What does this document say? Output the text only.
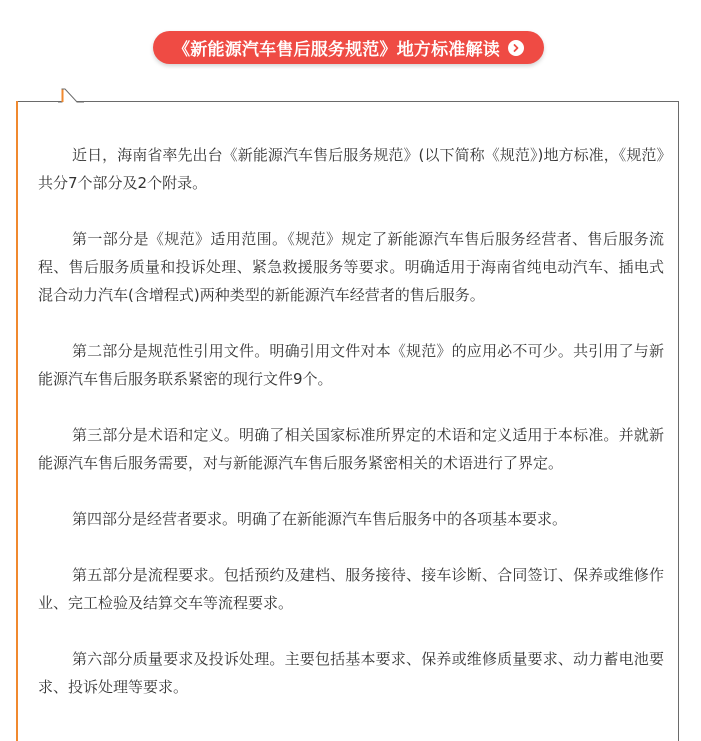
《新能源汽车售后服务规范》地方标准解读

近日，海南省率先出台《新能源汽车售后服务规范》(以下简称《规范》)地方标准，《规范》共分7个部分及2个附录。

第一部分是《规范》适用范围。《规范》规定了新能源汽车售后服务经营者、售后服务流程、售后服务质量和投诉处理、紧急救援服务等要求。明确适用于海南省纯电动汽车、插电式混合动力汽车(含增程式)两种类型的新能源汽车经营者的售后服务。

第二部分是规范性引用文件。明确引用文件对本《规范》的应用必不可少。共引用了与新能源汽车售后服务联系紧密的现行文件9个。

第三部分是术语和定义。明确了相关国家标准所界定的术语和定义适用于本标准。并就新能源汽车售后服务需要，对与新能源汽车售后服务紧密相关的术语进行了界定。

第四部分是经营者要求。明确了在新能源汽车售后服务中的各项基本要求。

第五部分是流程要求。包括预约及建档、服务接待、接车诊断、合同签订、保养或维修作业、完工检验及结算交车等流程要求。

第六部分质量要求及投诉处理。主要包括基本要求、保养或维修质量要求、动力蓄电池要求、投诉处理等要求。
